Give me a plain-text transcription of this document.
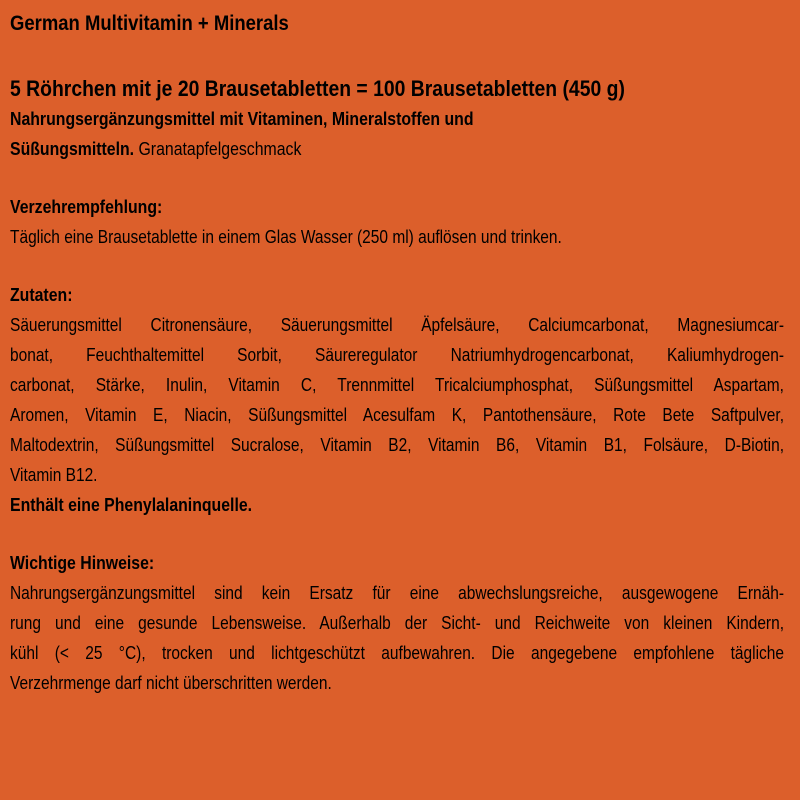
German Multivitamin + Minerals
5 Röhrchen mit je 20 Brausetabletten = 100 Brausetabletten (450 g)
Nahrungsergänzungsmittel mit Vitaminen, Mineralstoffen und
Süßungsmitteln. Granatapfelgeschmack
Verzehrempfehlung:
Täglich eine Brausetablette in einem Glas Wasser (250 ml) auflösen und trinken.
Zutaten:
Säuerungsmittel Citronensäure, Säuerungsmittel Äpfelsäure, Calciumcarbonat, Magnesiumcar-
bonat, Feuchthaltemittel Sorbit, Säureregulator Natriumhydrogencarbonat, Kaliumhydrogen-
carbonat, Stärke, Inulin, Vitamin C, Trennmittel Tricalciumphosphat, Süßungsmittel Aspartam,
Aromen, Vitamin E, Niacin, Süßungsmittel Acesulfam K, Pantothensäure, Rote Bete Saftpulver,
Maltodextrin, Süßungsmittel Sucralose, Vitamin B2, Vitamin B6, Vitamin B1, Folsäure, D-Biotin,
Vitamin B12.
Enthält eine Phenylalaninquelle.
Wichtige Hinweise:
Nahrungsergänzungsmittel sind kein Ersatz für eine abwechslungsreiche, ausgewogene Ernäh-
rung und eine gesunde Lebensweise. Außerhalb der Sicht- und Reichweite von kleinen Kindern,
kühl (< 25 °C), trocken und lichtgeschützt aufbewahren. Die angegebene empfohlene tägliche
Verzehrmenge darf nicht überschritten werden.
